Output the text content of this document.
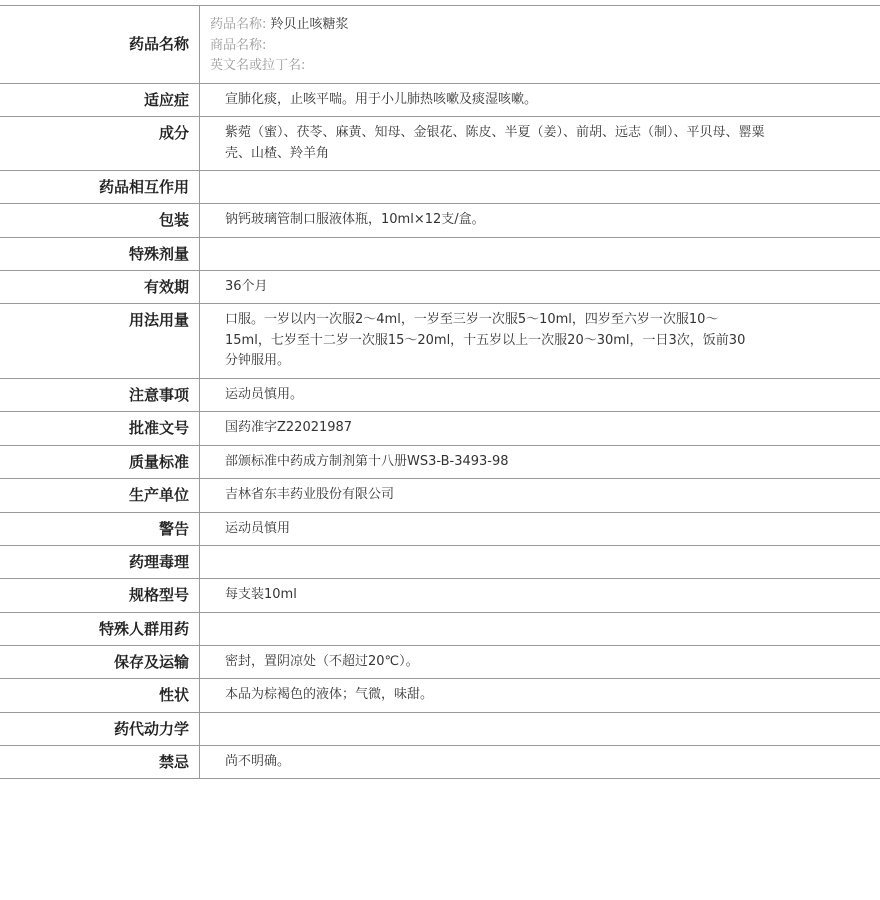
药品名称
药品名称: 羚贝止咳糖浆
商品名称:
英文名或拉丁名:
适应症	宣肺化痰，止咳平喘。用于小儿肺热咳嗽及痰湿咳嗽。
成分	紫菀（蜜）、茯苓、麻黄、知母、金银花、陈皮、半夏（姜）、前胡、远志（制）、平贝母、罂粟壳、山楂、羚羊角
药品相互作用
包装	钠钙玻璃管制口服液体瓶，10ml×12支/盒。
特殊剂量
有效期	36个月
用法用量	口服。一岁以内一次服2～4ml，一岁至三岁一次服5～10ml，四岁至六岁一次服10～15ml，七岁至十二岁一次服15～20ml，十五岁以上一次服20～30ml，一日3次，饭前30分钟服用。
注意事项	运动员慎用。
批准文号	国药准字Z22021987
质量标准	部颁标准中药成方制剂第十八册WS3-B-3493-98
生产单位	吉林省东丰药业股份有限公司
警告	运动员慎用
药理毒理
规格型号	每支装10ml
特殊人群用药
保存及运输	密封，置阴凉处（不超过20℃）。
性状	本品为棕褐色的液体；气微，味甜。
药代动力学
禁忌	尚不明确。
